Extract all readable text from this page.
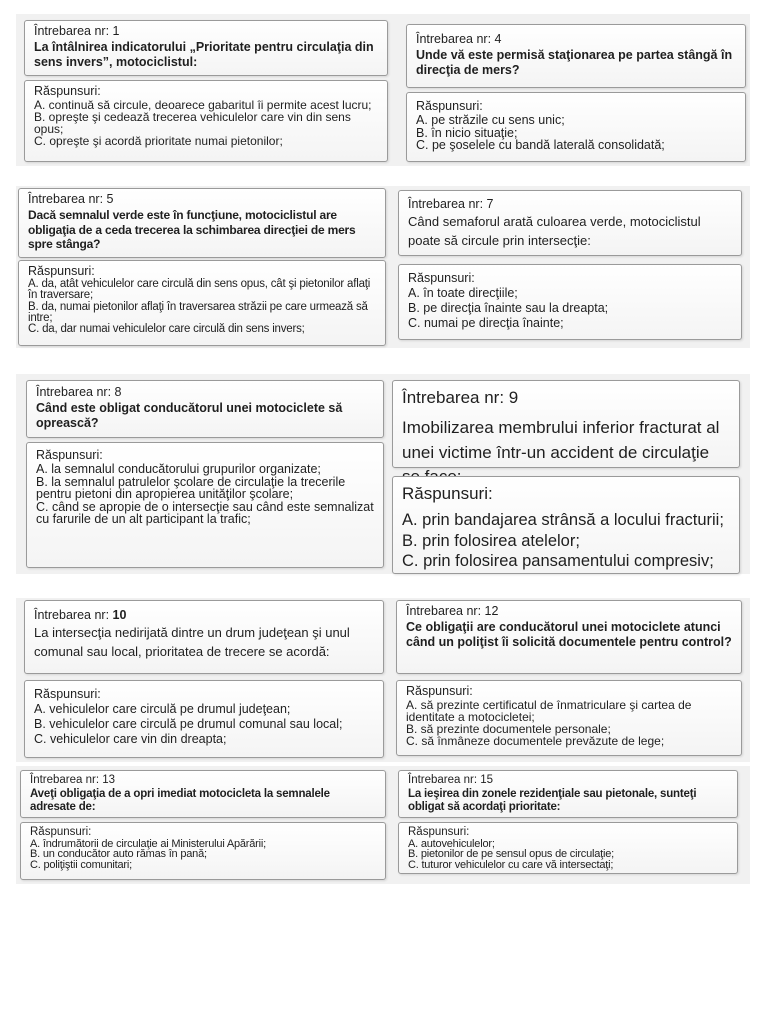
Întrebarea nr: 1
La întâlnirea indicatorului „Prioritate pentru circulaţia din sens invers”, motociclistul:
Răspunsuri:
A. continuă să circule, deoarece gabaritul îi permite acest lucru;
B. opreşte şi cedează trecerea vehiculelor care vin din sens opus;
C. opreşte şi acordă prioritate numai pietonilor;
Întrebarea nr: 4
Unde vă este permisă staţionarea pe partea stângă în direcţia de mers?
Răspunsuri:
A. pe străzile cu sens unic;
B. în nicio situaţie;
C. pe şoselele cu bandă laterală consolidată;
Întrebarea nr: 5
Dacă semnalul verde este în funcţiune, motociclistul are obligaţia de a ceda trecerea la schimbarea direcţiei de mers spre stânga?
Răspunsuri:
A. da, atât vehiculelor care circulă din sens opus, cât şi pietonilor aflaţi în traversare;
B. da, numai pietonilor aflaţi în traversarea străzii pe care urmează să intre;
C. da, dar numai vehiculelor care circulă din sens invers;
Întrebarea nr: 7
Când semaforul arată culoarea verde, motociclistul poate să circule prin intersecţie:
Răspunsuri:
A. în toate direcţiile;
B. pe direcţia înainte sau la dreapta;
C. numai pe direcţia înainte;
Întrebarea nr: 8
Când este obligat conducătorul unei motociclete să oprească?
Răspunsuri:
A. la semnalul conducătorului grupurilor organizate;
B. la semnalul patrulelor şcolare de circulaţie la trecerile pentru pietoni din apropierea unităţilor şcolare;
C. când se apropie de o intersecţie sau când este semnalizat cu farurile de un alt participant la trafic;
Întrebarea nr: 9
Imobilizarea membrului inferior fracturat al unei victime într-un accident de circulaţie
Răspunsuri:
A. prin bandajarea strânsă a locului fracturii;
B. prin folosirea atelelor;
C. prin folosirea pansamentului compresiv;
Întrebarea nr: 10
La intersecţia nedirijată dintre un drum judeţean şi unul comunal sau local, prioritatea de trecere se acordă:
Răspunsuri:
A. vehiculelor care circulă pe drumul judeţean;
B. vehiculelor care circulă pe drumul comunal sau local;
C. vehiculelor care vin din dreapta;
Întrebarea nr: 12
Ce obligaţii are conducătorul unei motociclete atunci când un poliţist îi solicită documentele pentru control?
Răspunsuri:
A. să prezinte certificatul de înmatriculare şi cartea de identitate a motocicletei;
B. să prezinte documentele personale;
C. să înmâneze documentele prevăzute de lege;
Întrebarea nr: 13
Aveţi obligaţia de a opri imediat motocicleta la semnalele adresate de:
Răspunsuri:
A. îndrumătorii de circulaţie ai Ministerului Apărării;
B. un conducător auto rămas în pană;
C. poliţiştii comunitari;
Întrebarea nr: 15
La ieşirea din zonele rezidenţiale sau pietonale, sunteţi obligat să acordaţi prioritate:
Răspunsuri:
A. autovehiculelor;
B. pietonilor de pe sensul opus de circulaţie;
C. tuturor vehiculelor cu care vă intersectaţi;
